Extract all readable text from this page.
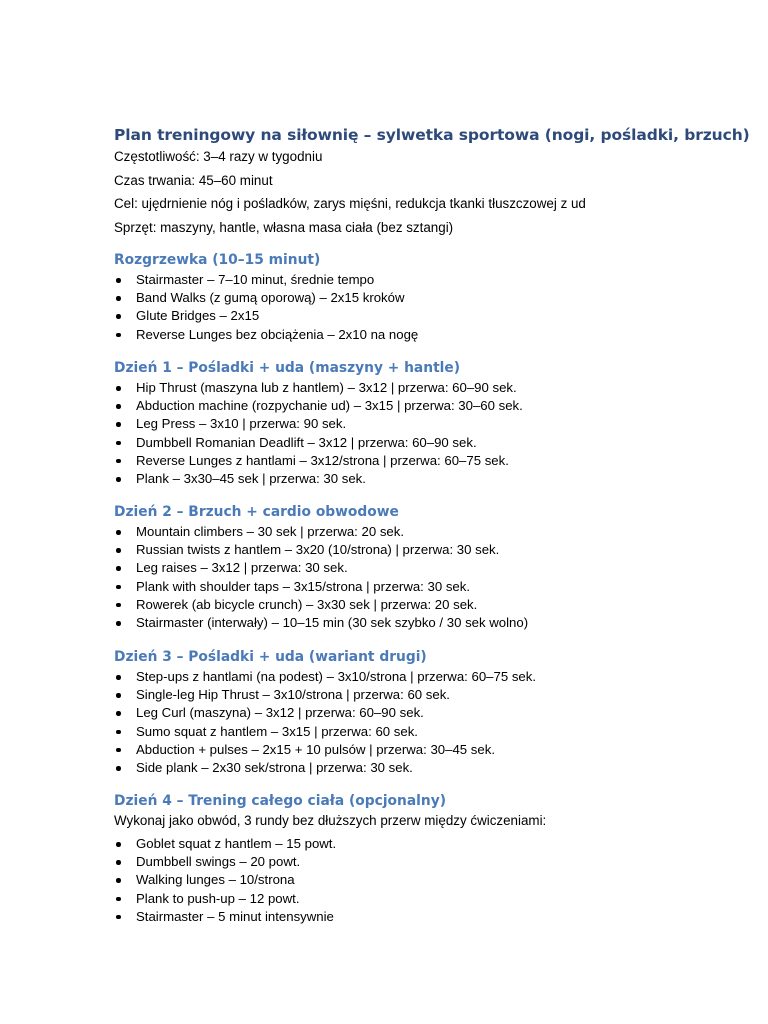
Plan treningowy na siłownię – sylwetka sportowa (nogi, pośladki, brzuch)

Częstotliwość: 3–4 razy w tygodniu

Czas trwania: 45–60 minut

Cel: ujędrnienie nóg i pośladków, zarys mięśni, redukcja tkanki tłuszczowej z ud

Sprzęt: maszyny, hantle, własna masa ciała (bez sztangi)

Rozgrzewka (10–15 minut)
Stairmaster – 7–10 minut, średnie tempo
Band Walks (z gumą oporową) – 2x15 kroków
Glute Bridges – 2x15
Reverse Lunges bez obciążenia – 2x10 na nogę
Dzień 1 – Pośladki + uda (maszyny + hantle)
Hip Thrust (maszyna lub z hantlem) – 3x12 | przerwa: 60–90 sek.
Abduction machine (rozpychanie ud) – 3x15 | przerwa: 30–60 sek.
Leg Press – 3x10 | przerwa: 90 sek.
Dumbbell Romanian Deadlift – 3x12 | przerwa: 60–90 sek.
Reverse Lunges z hantlami – 3x12/strona | przerwa: 60–75 sek.
Plank – 3x30–45 sek | przerwa: 30 sek.
Dzień 2 – Brzuch + cardio obwodowe
Mountain climbers – 30 sek | przerwa: 20 sek.
Russian twists z hantlem – 3x20 (10/strona) | przerwa: 30 sek.
Leg raises – 3x12 | przerwa: 30 sek.
Plank with shoulder taps – 3x15/strona | przerwa: 30 sek.
Rowerek (ab bicycle crunch) – 3x30 sek | przerwa: 20 sek.
Stairmaster (interwały) – 10–15 min (30 sek szybko / 30 sek wolno)
Dzień 3 – Pośladki + uda (wariant drugi)
Step-ups z hantlami (na podest) – 3x10/strona | przerwa: 60–75 sek.
Single-leg Hip Thrust – 3x10/strona | przerwa: 60 sek.
Leg Curl (maszyna) – 3x12 | przerwa: 60–90 sek.
Sumo squat z hantlem – 3x15 | przerwa: 60 sek.
Abduction + pulses – 2x15 + 10 pulsów | przerwa: 30–45 sek.
Side plank – 2x30 sek/strona | przerwa: 30 sek.
Dzień 4 – Trening całego ciała (opcjonalny)

Wykonaj jako obwód, 3 rundy bez dłuższych przerw między ćwiczeniami:

Goblet squat z hantlem – 15 powt.
Dumbbell swings – 20 powt.
Walking lunges – 10/strona
Plank to push-up – 12 powt.
Stairmaster – 5 minut intensywnie
